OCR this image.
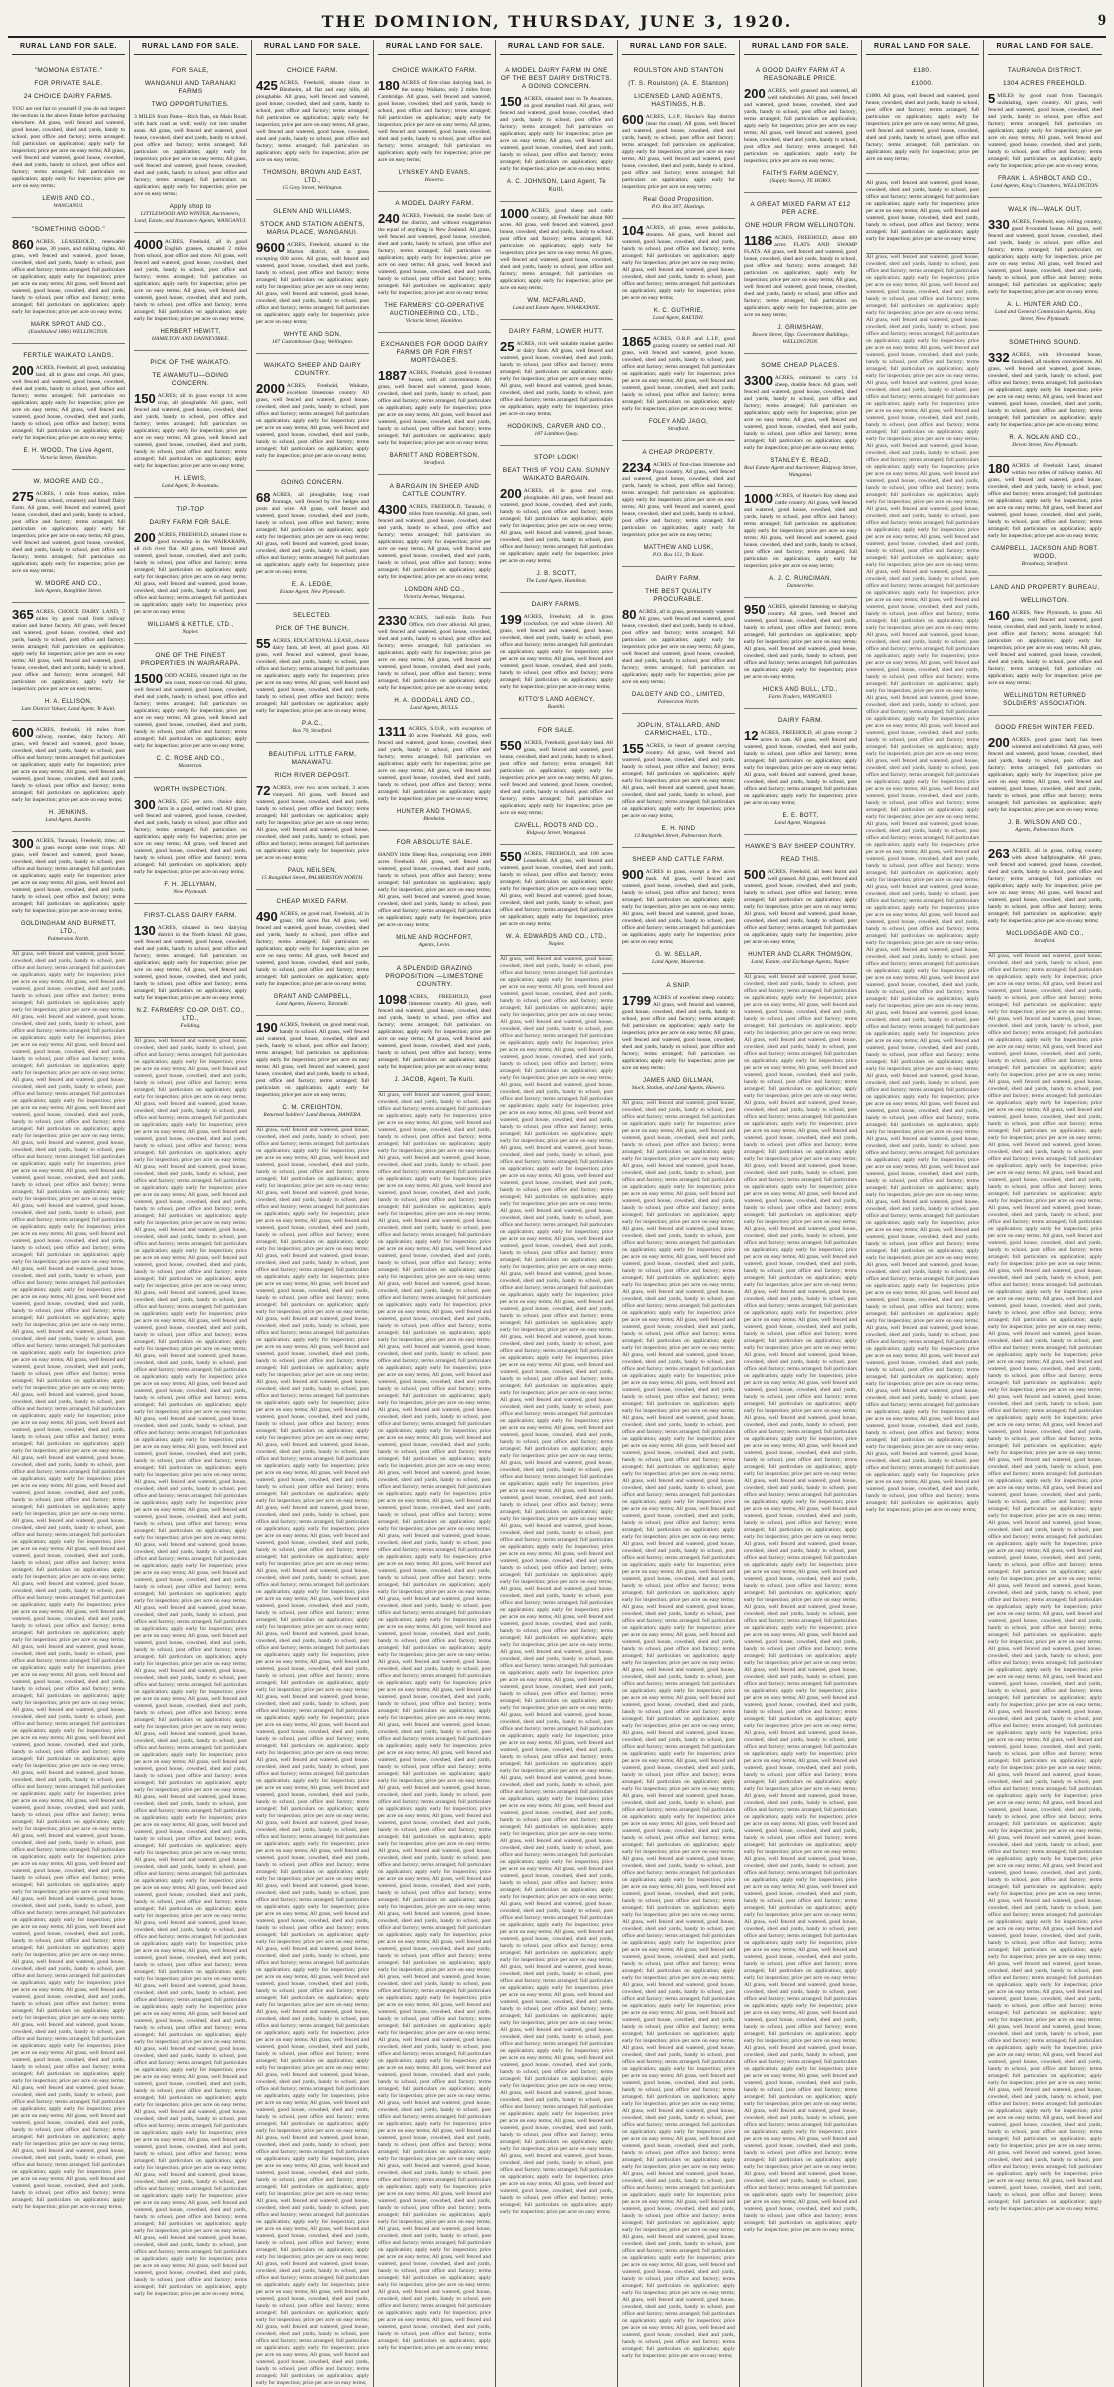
THE DOMINION, THURSDAY, JUNE 3, 1920.	9
RURAL LAND FOR SALE.
"MOMONA ESTATE."
FOR PRIVATE SALE.
24 CHOICE DAIRY FARMS.
YOU are not fair to yourself if you do not inspect the sections in the above Estate before purchasing elsewhere. All grass, well fenced and watered, good house, cowshed, shed and yards, handy to school, post office and factory; terms arranged; full particulars on application; apply early for inspection; price per acre on easy terms; All grass, well fenced and watered, good house, cowshed, shed and yards, handy to school, post office and factory; terms arranged; full particulars on application; apply early for inspection; price per acre on easy terms;
LEWIS AND CO.,
WANGANUI.
"SOMETHING GOOD."
860 ACRES, LEASEHOLD, renewable lease, 30 years, and milking rights. All grass, well fenced and watered, good house, cowshed, shed and yards, handy to school, post office and factory; terms arranged; full particulars on application; apply early for inspection; price per acre on easy terms; All grass, well fenced and watered, good house, cowshed, shed and yards, handy to school, post office and factory; terms arranged; full particulars on application; apply early for inspection; price per acre on easy terms;
MARK SPROT AND CO.,
(Established 1866) WELLINGTON.
FERTILE WAIKATO LANDS.
200 ACRES, Freehold, all good, undulating land, all in grass and crops. All grass, well fenced and watered, good house, cowshed, shed and yards, handy to school, post office and factory; terms arranged; full particulars on application; apply early for inspection; price per acre on easy terms; All grass, well fenced and watered, good house, cowshed, shed and yards, handy to school, post office and factory; terms arranged; full particulars on application; apply early for inspection; price per acre on easy terms;
E. H. WOOD, The Live Agent,
Victoria Street, Hamilton.
W. MOORE AND CO.,
275 ACRES, 1 mile from station, miles from school, creamery and Small Dairy Farm. All grass, well fenced and watered, good house, cowshed, shed and yards, handy to school, post office and factory; terms arranged; full particulars on application; apply early for inspection; price per acre on easy terms; All grass, well fenced and watered, good house, cowshed, shed and yards, handy to school, post office and factory; terms arranged; full particulars on application; apply early for inspection; price per acre on easy terms;
W. MOORE AND CO.,
Sole Agents, Rangitikei Street.
365 ACRES, CHOICE DAIRY LAND, 7 miles by good road from railway station and butter factory. All grass, well fenced and watered, good house, cowshed, shed and yards, handy to school, post office and factory; terms arranged; full particulars on application; apply early for inspection; price per acre on easy terms; All grass, well fenced and watered, good house, cowshed, shed and yards, handy to school, post office and factory; terms arranged; full particulars on application; apply early for inspection; price per acre on easy terms;
H. A. ELLISON,
Late District Valuer, Land Agent, Te Kuiti.
600 ACRES, freehold, 10 miles from railway, number, dairy factory. All grass, well fenced and watered, good house, cowshed, shed and yards, handy to school, post office and factory; terms arranged; full particulars on application; apply early for inspection; price per acre on easy terms; All grass, well fenced and watered, good house, cowshed, shed and yards, handy to school, post office and factory; terms arranged; full particulars on application; apply early for inspection; price per acre on easy terms;
H. JENKINS,
Land Agent, Raetihi.
300 ACRES, Taranaki, Freehold, titles; all in grass except some root crops. All grass, well fenced and watered, good house, cowshed, shed and yards, handy to school, post office and factory; terms arranged; full particulars on application; apply early for inspection; price per acre on easy terms; All grass, well fenced and watered, good house, cowshed, shed and yards, handy to school, post office and factory; terms arranged; full particulars on application; apply early for inspection; price per acre on easy terms;
GOLDINGHAM AND BURNETT, LTD.,
Palmerston North.
All grass, well fenced and watered, good house, cowshed, shed and yards, handy to school, post office and factory; terms arranged; full particulars on application; apply early for inspection; price per acre on easy terms; All grass, well fenced and watered, good house, cowshed, shed and yards, handy to school, post office and factory; terms arranged; full particulars on application; apply early for inspection; price per acre on easy terms; All grass, well fenced and watered, good house, cowshed, shed and yards, handy to school, post office and factory; terms arranged; full particulars on application; apply early for inspection; price per acre on easy terms; All grass, well fenced and watered, good house, cowshed, shed and yards, handy to school, post office and factory; terms arranged; full particulars on application; apply early for inspection; price per acre on easy terms; All grass, well fenced and watered, good house, cowshed, shed and yards, handy to school, post office and factory; terms arranged; full particulars on application; apply early for inspection; price per acre on easy terms; All grass, well fenced and watered, good house, cowshed, shed and yards, handy to school, post office and factory; terms arranged; full particulars on application; apply early for inspection; price per acre on easy terms; All grass, well fenced and watered, good house, cowshed, shed and yards, handy to school, post office and factory; terms arranged; full particulars on application; apply early for inspection; price per acre on easy terms; All grass, well fenced and watered, good house, cowshed, shed and yards, handy to school, post office and factory; terms arranged; full particulars on application; apply early for inspection; price per acre on easy terms; All grass, well fenced and watered, good house, cowshed, shed and yards, handy to school, post office and factory; terms arranged; full particulars on application; apply early for inspection; price per acre on easy terms; All grass, well fenced and watered, good house, cowshed, shed and yards, handy to school, post office and factory; terms arranged; full particulars on application; apply early for inspection; price per acre on easy terms; All grass, well fenced and watered, good house, cowshed, shed and yards, handy to school, post office and factory; terms arranged; full particulars on application; apply early for inspection; price per acre on easy terms; All grass, well fenced and watered, good house, cowshed, shed and yards, handy to school, post office and factory; terms arranged; full particulars on application; apply early for inspection; price per acre on easy terms; All grass, well fenced and watered, good house, cowshed, shed and yards, handy to school, post office and factory; terms arranged; full particulars on application; apply early for inspection; price per acre on easy terms; All grass, well fenced and watered, good house, cowshed, shed and yards, handy to school, post office and factory; terms arranged; full particulars on application; apply early for inspection; price per acre on easy terms; All grass, well fenced and watered, good house, cowshed, shed and yards, handy to school, post office and factory; terms arranged; full particulars on application; apply early for inspection; price per acre on easy terms; All grass, well fenced and watered, good house, cowshed, shed and yards, handy to school, post office and factory; terms arranged; full particulars on application; apply early for inspection; price per acre on easy terms; All grass, well fenced and watered, good house, cowshed, shed and yards, handy to school, post office and factory; terms arranged; full particulars on application; apply early for inspection; price per acre on easy terms; All grass, well fenced and watered, good house, cowshed, shed and yards, handy to school, post office and factory; terms arranged; full particulars on application; apply early for inspection; price per acre on easy terms; All grass, well fenced and watered, good house, cowshed, shed and yards, handy to school, post office and factory; terms arranged; full particulars on application; apply early for inspection; price per acre on easy terms; All grass, well fenced and watered, good house, cowshed, shed and yards, handy to school, post office and factory; terms arranged; full particulars on application; apply early for inspection; price per acre on easy terms; All grass, well fenced and watered, good house, cowshed, shed and yards, handy to school, post office and factory; terms arranged; full particulars on application; apply early for inspection; price per acre on easy terms; All grass, well fenced and watered, good house, cowshed, shed and yards, handy to school, post office and factory; terms arranged; full particulars on application; apply early for inspection; price per acre on easy terms; All grass, well fenced and watered, good house, cowshed, shed and yards, handy to school, post office and factory; terms arranged; full particulars on application; apply early for inspection; price per acre on easy terms; All grass, well fenced and watered, good house, cowshed, shed and yards, handy to school, post office and factory; terms arranged; full particulars on application; apply early for inspection; price per acre on easy terms; All grass, well fenced and watered, good house, cowshed, shed and yards, handy to school, post office and factory; terms arranged; full particulars on application; apply early for inspection; price per acre on easy terms; All grass, well fenced and watered, good house, cowshed, shed and yards, handy to school, post office and factory; terms arranged; full particulars on application; apply early for inspection; price per acre on easy terms; All grass, well fenced and watered, good house, cowshed, shed and yards, handy to school, post office and factory; terms arranged; full particulars on application; apply early for inspection; price per acre on easy terms; All grass, well fenced and watered, good house, cowshed, shed and yards, handy to school, post office and factory; terms arranged; full particulars on application; apply early for inspection; price per acre on easy terms; All grass, well fenced and watered, good house, cowshed, shed and yards, handy to school, post office and factory; terms arranged; full particulars on application; apply early for inspection; price per acre on easy terms; All grass, well fenced and watered, good house, cowshed, shed and yards, handy to school, post office and factory; terms arranged; full particulars on application; apply early for inspection; price per acre on easy terms; All grass, well fenced and watered, good house, cowshed, shed and yards, handy to school, post office and factory; terms arranged; full particulars on application; apply early for inspection; price per acre on easy terms; All grass, well fenced and watered, good house, cowshed, shed and yards, handy to school, post office and factory; terms arranged; full particulars on application; apply early for inspection; price per acre on easy terms; All grass, well fenced and watered, good house, cowshed, shed and yards, handy to school, post office and factory; terms arranged; full particulars on application; apply early for inspection; price per acre on easy terms; All grass, well fenced and watered, good house, cowshed, shed and yards, handy to school, post office and factory; terms arranged; full particulars on application; apply early for inspection; price per acre on easy terms; All grass, well fenced and watered, good house, cowshed, shed and yards, handy to school, post office and factory; terms arranged; full particulars on application; apply early for inspection; price per acre on easy terms; All grass, well fenced and watered, good house, cowshed, shed and yards, handy to school, post office and factory; terms arranged; full particulars on application; apply early for inspection; price per acre on easy terms; All grass, well fenced and watered, good house, cowshed, shed and yards, handy to school, post office and factory; terms arranged; full particulars on application; apply early for inspection; price per acre on easy terms; All grass, well fenced and watered, good house, cowshed, shed and yards, handy to school, post office and factory; terms arranged; full particulars on application; apply early for inspection; price per acre on easy terms; All grass, well fenced and watered, good house, cowshed, shed and yards, handy to school, post office and factory; terms arranged; full particulars on application; apply early for inspection; price per acre on easy terms; All grass, well fenced and watered, good house, cowshed, shed and yards, handy to school, post office and factory; terms arranged; full particulars on application; apply early for inspection; price per acre on easy terms;
RURAL LAND FOR SALE.
FOR SALE,
WANGANUI AND TARANAKI FARMS
TWO OPPORTUNITIES.
3 MILES from Patea—Rich flats, on Main Road, with back road as well; easily cut into smaller areas. All grass, well fenced and watered, good house, cowshed, shed and yards, handy to school, post office and factory; terms arranged; full particulars on application; apply early for inspection; price per acre on easy terms; All grass, well fenced and watered, good house, cowshed, shed and yards, handy to school, post office and factory; terms arranged; full particulars on application; apply early for inspection; price per acre on easy terms;
Apply shop to
LITTLEWOOD AND WINTER, Auctioneers, Land, Estate, and Insurance Agents, WANGANUI.
4000 ACRES, Freehold, all in good English grasses, situated 2 miles from school, post office and store. All grass, well fenced and watered, good house, cowshed, shed and yards, handy to school, post office and factory; terms arranged; full particulars on application; apply early for inspection; price per acre on easy terms; All grass, well fenced and watered, good house, cowshed, shed and yards, handy to school, post office and factory; terms arranged; full particulars on application; apply early for inspection; price per acre on easy terms;
HERBERT HEWITT,
HAMILTON AND DANNEVIRKE.
PICK OF THE WAIKATO.
TE AWAMUTU—GOING CONCERN.
150 ACRES; all in grass except 14 acres crop, all ploughable. All grass, well fenced and watered, good house, cowshed, shed and yards, handy to school, post office and factory; terms arranged; full particulars on application; apply early for inspection; price per acre on easy terms; All grass, well fenced and watered, good house, cowshed, shed and yards, handy to school, post office and factory; terms arranged; full particulars on application; apply early for inspection; price per acre on easy terms;
H. LEWIS,
Land Agent, Te Awamutu.
TIP-TOP
DAIRY FARM FOR SALE.
200 ACRES, FREEHOLD, situated close to good township in the WAIRARAPA, all rich river flat. All grass, well fenced and watered, good house, cowshed, shed and yards, handy to school, post office and factory; terms arranged; full particulars on application; apply early for inspection; price per acre on easy terms; All grass, well fenced and watered, good house, cowshed, shed and yards, handy to school, post office and factory; terms arranged; full particulars on application; apply early for inspection; price per acre on easy terms;
WILLIAMS & KETTLE, LTD.,
Napier.
ONE OF THE FINEST PROPERTIES IN WAIRARAPA.
1500 ODD ACRES, situated right on the sea coast, motor-car road. All grass, well fenced and watered, good house, cowshed, shed and yards, handy to school, post office and factory; terms arranged; full particulars on application; apply early for inspection; price per acre on easy terms; All grass, well fenced and watered, good house, cowshed, shed and yards, handy to school, post office and factory; terms arranged; full particulars on application; apply early for inspection; price per acre on easy terms;
C. C. ROSE AND CO.,
Masterton.
WORTH INSPECTION.
300 ACRES, £25 per acre, choice dairy farm in a good, settled road. All grass, well fenced and watered, good house, cowshed, shed and yards, handy to school, post office and factory; terms arranged; full particulars on application; apply early for inspection; price per acre on easy terms; All grass, well fenced and watered, good house, cowshed, shed and yards, handy to school, post office and factory; terms arranged; full particulars on application; apply early for inspection; price per acre on easy terms;
F. H. JELLYMAN,
New Plymouth.
FIRST-CLASS DAIRY FARM.
130 ACRES, situated in best dairying district in the North Island. All grass, well fenced and watered, good house, cowshed, shed and yards, handy to school, post office and factory; terms arranged; full particulars on application; apply early for inspection; price per acre on easy terms; All grass, well fenced and watered, good house, cowshed, shed and yards, handy to school, post office and factory; terms arranged; full particulars on application; apply early for inspection; price per acre on easy terms;
N.Z. FARMERS' CO-OP. DIST. CO., LTD.,
Feilding.
All grass, well fenced and watered, good house, cowshed, shed and yards, handy to school, post office and factory; terms arranged; full particulars on application; apply early for inspection; price per acre on easy terms; All grass, well fenced and watered, good house, cowshed, shed and yards, handy to school, post office and factory; terms arranged; full particulars on application; apply early for inspection; price per acre on easy terms; All grass, well fenced and watered, good house, cowshed, shed and yards, handy to school, post office and factory; terms arranged; full particulars on application; apply early for inspection; price per acre on easy terms; All grass, well fenced and watered, good house, cowshed, shed and yards, handy to school, post office and factory; terms arranged; full particulars on application; apply early for inspection; price per acre on easy terms; All grass, well fenced and watered, good house, cowshed, shed and yards, handy to school, post office and factory; terms arranged; full particulars on application; apply early for inspection; price per acre on easy terms; All grass, well fenced and watered, good house, cowshed, shed and yards, handy to school, post office and factory; terms arranged; full particulars on application; apply early for inspection; price per acre on easy terms; All grass, well fenced and watered, good house, cowshed, shed and yards, handy to school, post office and factory; terms arranged; full particulars on application; apply early for inspection; price per acre on easy terms; All grass, well fenced and watered, good house, cowshed, shed and yards, handy to school, post office and factory; terms arranged; full particulars on application; apply early for inspection; price per acre on easy terms; All grass, well fenced and watered, good house, cowshed, shed and yards, handy to school, post office and factory; terms arranged; full particulars on application; apply early for inspection; price per acre on easy terms; All grass, well fenced and watered, good house, cowshed, shed and yards, handy to school, post office and factory; terms arranged; full particulars on application; apply early for inspection; price per acre on easy terms; All grass, well fenced and watered, good house, cowshed, shed and yards, handy to school, post office and factory; terms arranged; full particulars on application; apply early for inspection; price per acre on easy terms; All grass, well fenced and watered, good house, cowshed, shed and yards, handy to school, post office and factory; terms arranged; full particulars on application; apply early for inspection; price per acre on easy terms; All grass, well fenced and watered, good house, cowshed, shed and yards, handy to school, post office and factory; terms arranged; full particulars on application; apply early for inspection; price per acre on easy terms; All grass, well fenced and watered, good house, cowshed, shed and yards, handy to school, post office and factory; terms arranged; full particulars on application; apply early for inspection; price per acre on easy terms; All grass, well fenced and watered, good house, cowshed, shed and yards, handy to school, post office and factory; terms arranged; full particulars on application; apply early for inspection; price per acre on easy terms; All grass, well fenced and watered, good house, cowshed, shed and yards, handy to school, post office and factory; terms arranged; full particulars on application; apply early for inspection; price per acre on easy terms; All grass, well fenced and watered, good house, cowshed, shed and yards, handy to school, post office and factory; terms arranged; full particulars on application; apply early for inspection; price per acre on easy terms; All grass, well fenced and watered, good house, cowshed, shed and yards, handy to school, post office and factory; terms arranged; full particulars on application; apply early for inspection; price per acre on easy terms; All grass, well fenced and watered, good house, cowshed, shed and yards, handy to school, post office and factory; terms arranged; full particulars on application; apply early for inspection; price per acre on easy terms; All grass, well fenced and watered, good house, cowshed, shed and yards, handy to school, post office and factory; terms arranged; full particulars on application; apply early for inspection; price per acre on easy terms; All grass, well fenced and watered, good house, cowshed, shed and yards, handy to school, post office and factory; terms arranged; full particulars on application; apply early for inspection; price per acre on easy terms; All grass, well fenced and watered, good house, cowshed, shed and yards, handy to school, post office and factory; terms arranged; full particulars on application; apply early for inspection; price per acre on easy terms; All grass, well fenced and watered, good house, cowshed, shed and yards, handy to school, post office and factory; terms arranged; full particulars on application; apply early for inspection; price per acre on easy terms; All grass, well fenced and watered, good house, cowshed, shed and yards, handy to school, post office and factory; terms arranged; full particulars on application; apply early for inspection; price per acre on easy terms; All grass, well fenced and watered, good house, cowshed, shed and yards, handy to school, post office and factory; terms arranged; full particulars on application; apply early for inspection; price per acre on easy terms; All grass, well fenced and watered, good house, cowshed, shed and yards, handy to school, post office and factory; terms arranged; full particulars on application; apply early for inspection; price per acre on easy terms; All grass, well fenced and watered, good house, cowshed, shed and yards, handy to school, post office and factory; terms arranged; full particulars on application; apply early for inspection; price per acre on easy terms; All grass, well fenced and watered, good house, cowshed, shed and yards, handy to school, post office and factory; terms arranged; full particulars on application; apply early for inspection; price per acre on easy terms; All grass, well fenced and watered, good house, cowshed, shed and yards, handy to school, post office and factory; terms arranged; full particulars on application; apply early for inspection; price per acre on easy terms; All grass, well fenced and watered, good house, cowshed, shed and yards, handy to school, post office and factory; terms arranged; full particulars on application; apply early for inspection; price per acre on easy terms; All grass, well fenced and watered, good house, cowshed, shed and yards, handy to school, post office and factory; terms arranged; full particulars on application; apply early for inspection; price per acre on easy terms; All grass, well fenced and watered, good house, cowshed, shed and yards, handy to school, post office and factory; terms arranged; full particulars on application; apply early for inspection; price per acre on easy terms; All grass, well fenced and watered, good house, cowshed, shed and yards, handy to school, post office and factory; terms arranged; full particulars on application; apply early for inspection; price per acre on easy terms; All grass, well fenced and watered, good house, cowshed, shed and yards, handy to school, post office and factory; terms arranged; full particulars on application; apply early for inspection; price per acre on easy terms; All grass, well fenced and watered, good house, cowshed, shed and yards, handy to school, post office and factory; terms arranged; full particulars on application; apply early for inspection; price per acre on easy terms; All grass, well fenced and watered, good house, cowshed, shed and yards, handy to school, post office and factory; terms arranged; full particulars on application; apply early for inspection; price per acre on easy terms; All grass, well fenced and watered, good house, cowshed, shed and yards, handy to school, post office and factory; terms arranged; full particulars on application; apply early for inspection; price per acre on easy terms; All grass, well fenced and watered, good house, cowshed, shed and yards, handy to school, post office and factory; terms arranged; full particulars on application; apply early for inspection; price per acre on easy terms; All grass, well fenced and watered, good house, cowshed, shed and yards, handy to school, post office and factory; terms arranged; full particulars on application; apply early for inspection; price per acre on easy terms; All grass, well fenced and watered, good house, cowshed, shed and yards, handy to school, post office and factory; terms arranged; full particulars on application; apply early for inspection; price per acre on easy terms;
RURAL LAND FOR SALE.
CHOICE FARM.
425 ACRES, Freehold, situate close to Blenheim, all flat and easy hills, all ploughable. All grass, well fenced and watered, good house, cowshed, shed and yards, handy to school, post office and factory; terms arranged; full particulars on application; apply early for inspection; price per acre on easy terms; All grass, well fenced and watered, good house, cowshed, shed and yards, handy to school, post office and factory; terms arranged; full particulars on application; apply early for inspection; price per acre on easy terms;
THOMSON, BROWN AND EAST, LTD.,
15 Grey Street, Wellington.
GLENN AND WILLIAMS,
STOCK AND STATION AGENTS, MARIA PLACE, WANGANUI.
9600 ACRES, Freehold, situated in the Marton district, all in grass excepting 600 acres. All grass, well fenced and watered, good house, cowshed, shed and yards, handy to school, post office and factory; terms arranged; full particulars on application; apply early for inspection; price per acre on easy terms; All grass, well fenced and watered, good house, cowshed, shed and yards, handy to school, post office and factory; terms arranged; full particulars on application; apply early for inspection; price per acre on easy terms;
WHYTE AND SON,
167 Customhouse Quay, Wellington.
WAIKATO SHEEP AND DAIRY COUNTRY.
2000 ACRES, Freehold, Waikato, excellent limestone country. All grass, well fenced and watered, good house, cowshed, shed and yards, handy to school, post office and factory; terms arranged; full particulars on application; apply early for inspection; price per acre on easy terms; All grass, well fenced and watered, good house, cowshed, shed and yards, handy to school, post office and factory; terms arranged; full particulars on application; apply early for inspection; price per acre on easy terms;
GOING CONCERN.
68 ACRES, all ploughable, long road frontage, well fenced by live hedges and posts and wire. All grass, well fenced and watered, good house, cowshed, shed and yards, handy to school, post office and factory; terms arranged; full particulars on application; apply early for inspection; price per acre on easy terms; All grass, well fenced and watered, good house, cowshed, shed and yards, handy to school, post office and factory; terms arranged; full particulars on application; apply early for inspection; price per acre on easy terms;
E. A. LEDGE,
Estate Agent, New Plymouth.
SELECTED.
PICK OF THE BUNCH.
55 ACRES, EDUCATIONAL LEASE, choice dairy farm, all level, all good grass. All grass, well fenced and watered, good house, cowshed, shed and yards, handy to school, post office and factory; terms arranged; full particulars on application; apply early for inspection; price per acre on easy terms; All grass, well fenced and watered, good house, cowshed, shed and yards, handy to school, post office and factory; terms arranged; full particulars on application; apply early for inspection; price per acre on easy terms;
P.A.C.,
Box 70, Stratford.
BEAUTIFUL LITTLE FARM, MANAWATU.
RICH RIVER DEPOSIT.
72 ACRES, over two acres orchard, 3 acres vineyard. All grass, well fenced and watered, good house, cowshed, shed and yards, handy to school, post office and factory; terms arranged; full particulars on application; apply early for inspection; price per acre on easy terms; All grass, well fenced and watered, good house, cowshed, shed and yards, handy to school, post office and factory; terms arranged; full particulars on application; apply early for inspection; price per acre on easy terms;
PAUL NEILSEN,
15 Rangitikei Street, PALMERSTON NORTH.
CHEAP MIXED FARM.
490 ACRES, on good road, Freehold, all in grass; 160 acres flat. All grass, well fenced and watered, good house, cowshed, shed and yards, handy to school, post office and factory; terms arranged; full particulars on application; apply early for inspection; price per acre on easy terms; All grass, well fenced and watered, good house, cowshed, shed and yards, handy to school, post office and factory; terms arranged; full particulars on application; apply early for inspection; price per acre on easy terms;
GRANT AND CAMPBELL,
Land Agents, Hawera, Taranaki.
190 ACRES, freehold, on good metal road, handy to school. All grass, well fenced and watered, good house, cowshed, shed and yards, handy to school, post office and factory; terms arranged; full particulars on application; apply early for inspection; price per acre on easy terms; All grass, well fenced and watered, good house, cowshed, shed and yards, handy to school, post office and factory; terms arranged; full particulars on application; apply early for inspection; price per acre on easy terms;
C. M. CREIGHTON,
Returned Soldiers' Land Bureau, HAWERA.
All grass, well fenced and watered, good house, cowshed, shed and yards, handy to school, post office and factory; terms arranged; full particulars on application; apply early for inspection; price per acre on easy terms; All grass, well fenced and watered, good house, cowshed, shed and yards, handy to school, post office and factory; terms arranged; full particulars on application; apply early for inspection; price per acre on easy terms; All grass, well fenced and watered, good house, cowshed, shed and yards, handy to school, post office and factory; terms arranged; full particulars on application; apply early for inspection; price per acre on easy terms; All grass, well fenced and watered, good house, cowshed, shed and yards, handy to school, post office and factory; terms arranged; full particulars on application; apply early for inspection; price per acre on easy terms; All grass, well fenced and watered, good house, cowshed, shed and yards, handy to school, post office and factory; terms arranged; full particulars on application; apply early for inspection; price per acre on easy terms; All grass, well fenced and watered, good house, cowshed, shed and yards, handy to school, post office and factory; terms arranged; full particulars on application; apply early for inspection; price per acre on easy terms; All grass, well fenced and watered, good house, cowshed, shed and yards, handy to school, post office and factory; terms arranged; full particulars on application; apply early for inspection; price per acre on easy terms; All grass, well fenced and watered, good house, cowshed, shed and yards, handy to school, post office and factory; terms arranged; full particulars on application; apply early for inspection; price per acre on easy terms; All grass, well fenced and watered, good house, cowshed, shed and yards, handy to school, post office and factory; terms arranged; full particulars on application; apply early for inspection; price per acre on easy terms; All grass, well fenced and watered, good house, cowshed, shed and yards, handy to school, post office and factory; terms arranged; full particulars on application; apply early for inspection; price per acre on easy terms; All grass, well fenced and watered, good house, cowshed, shed and yards, handy to school, post office and factory; terms arranged; full particulars on application; apply early for inspection; price per acre on easy terms; All grass, well fenced and watered, good house, cowshed, shed and yards, handy to school, post office and factory; terms arranged; full particulars on application; apply early for inspection; price per acre on easy terms; All grass, well fenced and watered, good house, cowshed, shed and yards, handy to school, post office and factory; terms arranged; full particulars on application; apply early for inspection; price per acre on easy terms; All grass, well fenced and watered, good house, cowshed, shed and yards, handy to school, post office and factory; terms arranged; full particulars on application; apply early for inspection; price per acre on easy terms; All grass, well fenced and watered, good house, cowshed, shed and yards, handy to school, post office and factory; terms arranged; full particulars on application; apply early for inspection; price per acre on easy terms; All grass, well fenced and watered, good house, cowshed, shed and yards, handy to school, post office and factory; terms arranged; full particulars on application; apply early for inspection; price per acre on easy terms; All grass, well fenced and watered, good house, cowshed, shed and yards, handy to school, post office and factory; terms arranged; full particulars on application; apply early for inspection; price per acre on easy terms; All grass, well fenced and watered, good house, cowshed, shed and yards, handy to school, post office and factory; terms arranged; full particulars on application; apply early for inspection; price per acre on easy terms; All grass, well fenced and watered, good house, cowshed, shed and yards, handy to school, post office and factory; terms arranged; full particulars on application; apply early for inspection; price per acre on easy terms; All grass, well fenced and watered, good house, cowshed, shed and yards, handy to school, post office and factory; terms arranged; full particulars on application; apply early for inspection; price per acre on easy terms; All grass, well fenced and watered, good house, cowshed, shed and yards, handy to school, post office and factory; terms arranged; full particulars on application; apply early for inspection; price per acre on easy terms; All grass, well fenced and watered, good house, cowshed, shed and yards, handy to school, post office and factory; terms arranged; full particulars on application; apply early for inspection; price per acre on easy terms; All grass, well fenced and watered, good house, cowshed, shed and yards, handy to school, post office and factory; terms arranged; full particulars on application; apply early for inspection; price per acre on easy terms; All grass, well fenced and watered, good house, cowshed, shed and yards, handy to school, post office and factory; terms arranged; full particulars on application; apply early for inspection; price per acre on easy terms; All grass, well fenced and watered, good house, cowshed, shed and yards, handy to school, post office and factory; terms arranged; full particulars on application; apply early for inspection; price per acre on easy terms; All grass, well fenced and watered, good house, cowshed, shed and yards, handy to school, post office and factory; terms arranged; full particulars on application; apply early for inspection; price per acre on easy terms; All grass, well fenced and watered, good house, cowshed, shed and yards, handy to school, post office and factory; terms arranged; full particulars on application; apply early for inspection; price per acre on easy terms; All grass, well fenced and watered, good house, cowshed, shed and yards, handy to school, post office and factory; terms arranged; full particulars on application; apply early for inspection; price per acre on easy terms; All grass, well fenced and watered, good house, cowshed, shed and yards, handy to school, post office and factory; terms arranged; full particulars on application; apply early for inspection; price per acre on easy terms; All grass, well fenced and watered, good house, cowshed, shed and yards, handy to school, post office and factory; terms arranged; full particulars on application; apply early for inspection; price per acre on easy terms; All grass, well fenced and watered, good house, cowshed, shed and yards, handy to school, post office and factory; terms arranged; full particulars on application; apply early for inspection; price per acre on easy terms; All grass, well fenced and watered, good house, cowshed, shed and yards, handy to school, post office and factory; terms arranged; full particulars on application; apply early for inspection; price per acre on easy terms; All grass, well fenced and watered, good house, cowshed, shed and yards, handy to school, post office and factory; terms arranged; full particulars on application; apply early for inspection; price per acre on easy terms; All grass, well fenced and watered, good house, cowshed, shed and yards, handy to school, post office and factory; terms arranged; full particulars on application; apply early for inspection; price per acre on easy terms; All grass, well fenced and watered, good house, cowshed, shed and yards, handy to school, post office and factory; terms arranged; full particulars on application; apply early for inspection; price per acre on easy terms; All grass, well fenced and watered, good house, cowshed, shed and yards, handy to school, post office and factory; terms arranged; full particulars on application; apply early for inspection; price per acre on easy terms; All grass, well fenced and watered, good house, cowshed, shed and yards, handy to school, post office and factory; terms arranged; full particulars on application; apply early for inspection; price per acre on easy terms; All grass, well fenced and watered, good house, cowshed, shed and yards, handy to school, post office and factory; terms arranged; full particulars on application; apply early for inspection; price per acre on easy terms; All grass, well fenced and watered, good house, cowshed, shed and yards, handy to school, post office and factory; terms arranged; full particulars on application; apply early for inspection; price per acre on easy terms; All grass, well fenced and watered, good house, cowshed, shed and yards, handy to school, post office and factory; terms arranged; full particulars on application; apply early for inspection; price per acre on easy terms;
RURAL LAND FOR SALE.
CHOICE WAIKATO FARM.
180 ACRES of first-class dairying land, in the sunny Waikato, only 2 miles from Cambridge. All grass, well fenced and watered, good house, cowshed, shed and yards, handy to school, post office and factory; terms arranged; full particulars on application; apply early for inspection; price per acre on easy terms; All grass, well fenced and watered, good house, cowshed, shed and yards, handy to school, post office and factory; terms arranged; full particulars on application; apply early for inspection; price per acre on easy terms;
LYNSKEY AND EVANS,
Hawera.
A MODEL DAIRY FARM.
240 ACRES, Freehold, the model farm of the district, and without exaggeration the equal of anything in New Zealand. All grass, well fenced and watered, good house, cowshed, shed and yards, handy to school, post office and factory; terms arranged; full particulars on application; apply early for inspection; price per acre on easy terms; All grass, well fenced and watered, good house, cowshed, shed and yards, handy to school, post office and factory; terms arranged; full particulars on application; apply early for inspection; price per acre on easy terms;
THE FARMERS' CO-OPERATIVE AUCTIONEERING CO., LTD.,
Victoria Street, Hamilton.
EXCHANGES FOR GOOD DAIRY FARMS OR FOR FIRST MORTGAGES.
1887 ACRES, Freehold; good 6-roomed house, with all conveniences. All grass, well fenced and watered, good house, cowshed, shed and yards, handy to school, post office and factory; terms arranged; full particulars on application; apply early for inspection; price per acre on easy terms; All grass, well fenced and watered, good house, cowshed, shed and yards, handy to school, post office and factory; terms arranged; full particulars on application; apply early for inspection; price per acre on easy terms;
BARNITT AND ROBERTSON,
Stratford.
A BARGAIN IN SHEEP AND CATTLE COUNTRY.
4300 ACRES, FREEHOLD, Taranaki, 6 miles from township. All grass, well fenced and watered, good house, cowshed, shed and yards, handy to school, post office and factory; terms arranged; full particulars on application; apply early for inspection; price per acre on easy terms; All grass, well fenced and watered, good house, cowshed, shed and yards, handy to school, post office and factory; terms arranged; full particulars on application; apply early for inspection; price per acre on easy terms;
LONDON AND CO.,
Victoria Avenue, Wanganui.
2330 ACRES, half-mile Rolls Post Office, rich river alluvial. All grass, well fenced and watered, good house, cowshed, shed and yards, handy to school, post office and factory; terms arranged; full particulars on application; apply early for inspection; price per acre on easy terms; All grass, well fenced and watered, good house, cowshed, shed and yards, handy to school, post office and factory; terms arranged; full particulars on application; apply early for inspection; price per acre on easy terms;
H. A. GOODALL AND CO.,
Land Agents, BULLS.
1311 ACRES, S.O.R., with exception of 40 acres Freehold. All grass, well fenced and watered, good house, cowshed, shed and yards, handy to school, post office and factory; terms arranged; full particulars on application; apply early for inspection; price per acre on easy terms; All grass, well fenced and watered, good house, cowshed, shed and yards, handy to school, post office and factory; terms arranged; full particulars on application; apply early for inspection; price per acre on easy terms;
HUNTER AND THOMAS,
Blenheim.
FOR ABSOLUTE SALE.
HANDY little Sheep Run, comprising over 2000 acres Freehold. All grass, well fenced and watered, good house, cowshed, shed and yards, handy to school, post office and factory; terms arranged; full particulars on application; apply early for inspection; price per acre on easy terms; All grass, well fenced and watered, good house, cowshed, shed and yards, handy to school, post office and factory; terms arranged; full particulars on application; apply early for inspection; price per acre on easy terms;
MILNE AND ROCHFORT,
Agents, Levin.
A SPLENDID GRAZING PROPOSITION —LIMESTONE COUNTRY.
1098 ACRES, FREEHOLD, good limestone country. All grass, well fenced and watered, good house, cowshed, shed and yards, handy to school, post office and factory; terms arranged; full particulars on application; apply early for inspection; price per acre on easy terms; All grass, well fenced and watered, good house, cowshed, shed and yards, handy to school, post office and factory; terms arranged; full particulars on application; apply early for inspection; price per acre on easy terms;
J. JACOB, Agent, Te Kuiti.
All grass, well fenced and watered, good house, cowshed, shed and yards, handy to school, post office and factory; terms arranged; full particulars on application; apply early for inspection; price per acre on easy terms; All grass, well fenced and watered, good house, cowshed, shed and yards, handy to school, post office and factory; terms arranged; full particulars on application; apply early for inspection; price per acre on easy terms; All grass, well fenced and watered, good house, cowshed, shed and yards, handy to school, post office and factory; terms arranged; full particulars on application; apply early for inspection; price per acre on easy terms; All grass, well fenced and watered, good house, cowshed, shed and yards, handy to school, post office and factory; terms arranged; full particulars on application; apply early for inspection; price per acre on easy terms; All grass, well fenced and watered, good house, cowshed, shed and yards, handy to school, post office and factory; terms arranged; full particulars on application; apply early for inspection; price per acre on easy terms; All grass, well fenced and watered, good house, cowshed, shed and yards, handy to school, post office and factory; terms arranged; full particulars on application; apply early for inspection; price per acre on easy terms; All grass, well fenced and watered, good house, cowshed, shed and yards, handy to school, post office and factory; terms arranged; full particulars on application; apply early for inspection; price per acre on easy terms; All grass, well fenced and watered, good house, cowshed, shed and yards, handy to school, post office and factory; terms arranged; full particulars on application; apply early for inspection; price per acre on easy terms; All grass, well fenced and watered, good house, cowshed, shed and yards, handy to school, post office and factory; terms arranged; full particulars on application; apply early for inspection; price per acre on easy terms; All grass, well fenced and watered, good house, cowshed, shed and yards, handy to school, post office and factory; terms arranged; full particulars on application; apply early for inspection; price per acre on easy terms; All grass, well fenced and watered, good house, cowshed, shed and yards, handy to school, post office and factory; terms arranged; full particulars on application; apply early for inspection; price per acre on easy terms; All grass, well fenced and watered, good house, cowshed, shed and yards, handy to school, post office and factory; terms arranged; full particulars on application; apply early for inspection; price per acre on easy terms; All grass, well fenced and watered, good house, cowshed, shed and yards, handy to school, post office and factory; terms arranged; full particulars on application; apply early for inspection; price per acre on easy terms; All grass, well fenced and watered, good house, cowshed, shed and yards, handy to school, post office and factory; terms arranged; full particulars on application; apply early for inspection; price per acre on easy terms; All grass, well fenced and watered, good house, cowshed, shed and yards, handy to school, post office and factory; terms arranged; full particulars on application; apply early for inspection; price per acre on easy terms; All grass, well fenced and watered, good house, cowshed, shed and yards, handy to school, post office and factory; terms arranged; full particulars on application; apply early for inspection; price per acre on easy terms; All grass, well fenced and watered, good house, cowshed, shed and yards, handy to school, post office and factory; terms arranged; full particulars on application; apply early for inspection; price per acre on easy terms; All grass, well fenced and watered, good house, cowshed, shed and yards, handy to school, post office and factory; terms arranged; full particulars on application; apply early for inspection; price per acre on easy terms; All grass, well fenced and watered, good house, cowshed, shed and yards, handy to school, post office and factory; terms arranged; full particulars on application; apply early for inspection; price per acre on easy terms; All grass, well fenced and watered, good house, cowshed, shed and yards, handy to school, post office and factory; terms arranged; full particulars on application; apply early for inspection; price per acre on easy terms; All grass, well fenced and watered, good house, cowshed, shed and yards, handy to school, post office and factory; terms arranged; full particulars on application; apply early for inspection; price per acre on easy terms; All grass, well fenced and watered, good house, cowshed, shed and yards, handy to school, post office and factory; terms arranged; full particulars on application; apply early for inspection; price per acre on easy terms; All grass, well fenced and watered, good house, cowshed, shed and yards, handy to school, post office and factory; terms arranged; full particulars on application; apply early for inspection; price per acre on easy terms; All grass, well fenced and watered, good house, cowshed, shed and yards, handy to school, post office and factory; terms arranged; full particulars on application; apply early for inspection; price per acre on easy terms; All grass, well fenced and watered, good house, cowshed, shed and yards, handy to school, post office and factory; terms arranged; full particulars on application; apply early for inspection; price per acre on easy terms; All grass, well fenced and watered, good house, cowshed, shed and yards, handy to school, post office and factory; terms arranged; full particulars on application; apply early for inspection; price per acre on easy terms; All grass, well fenced and watered, good house, cowshed, shed and yards, handy to school, post office and factory; terms arranged; full particulars on application; apply early for inspection; price per acre on easy terms; All grass, well fenced and watered, good house, cowshed, shed and yards, handy to school, post office and factory; terms arranged; full particulars on application; apply early for inspection; price per acre on easy terms; All grass, well fenced and watered, good house, cowshed, shed and yards, handy to school, post office and factory; terms arranged; full particulars on application; apply early for inspection; price per acre on easy terms; All grass, well fenced and watered, good house, cowshed, shed and yards, handy to school, post office and factory; terms arranged; full particulars on application; apply early for inspection; price per acre on easy terms; All grass, well fenced and watered, good house, cowshed, shed and yards, handy to school, post office and factory; terms arranged; full particulars on application; apply early for inspection; price per acre on easy terms; All grass, well fenced and watered, good house, cowshed, shed and yards, handy to school, post office and factory; terms arranged; full particulars on application; apply early for inspection; price per acre on easy terms; All grass, well fenced and watered, good house, cowshed, shed and yards, handy to school, post office and factory; terms arranged; full particulars on application; apply early for inspection; price per acre on easy terms; All grass, well fenced and watered, good house, cowshed, shed and yards, handy to school, post office and factory; terms arranged; full particulars on application; apply early for inspection; price per acre on easy terms; All grass, well fenced and watered, good house, cowshed, shed and yards, handy to school, post office and factory; terms arranged; full particulars on application; apply early for inspection; price per acre on easy terms; All grass, well fenced and watered, good house, cowshed, shed and yards, handy to school, post office and factory; terms arranged; full particulars on application; apply early for inspection; price per acre on easy terms; All grass, well fenced and watered, good house, cowshed, shed and yards, handy to school, post office and factory; terms arranged; full particulars on application; apply early for inspection; price per acre on easy terms; All grass, well fenced and watered, good house, cowshed, shed and yards, handy to school, post office and factory; terms arranged; full particulars on application; apply early for inspection; price per acre on easy terms; All grass, well fenced and watered, good house, cowshed, shed and yards, handy to school, post office and factory; terms arranged; full particulars on application; apply early for inspection; price per acre on easy terms; All grass, well fenced and watered, good house, cowshed, shed and yards, handy to school, post office and factory; terms arranged; full particulars on application; apply early for inspection; price per acre on easy terms;
RURAL LAND FOR SALE.
A MODEL DAIRY FARM IN ONE OF THE BEST DAIRY DISTRICTS. A GOING CONCERN.
150 ACRES, situated near to Te Awamutu, on good metalled road. All grass, well fenced and watered, good house, cowshed, shed and yards, handy to school, post office and factory; terms arranged; full particulars on application; apply early for inspection; price per acre on easy terms; All grass, well fenced and watered, good house, cowshed, shed and yards, handy to school, post office and factory; terms arranged; full particulars on application; apply early for inspection; price per acre on easy terms;
A. C. JOHNSON, Land Agent, Te Kuiti.
1000 ACRES, good sheep and cattle country, all Freehold but about 600 acres. All grass, well fenced and watered, good house, cowshed, shed and yards, handy to school, post office and factory; terms arranged; full particulars on application; apply early for inspection; price per acre on easy terms; All grass, well fenced and watered, good house, cowshed, shed and yards, handy to school, post office and factory; terms arranged; full particulars on application; apply early for inspection; price per acre on easy terms;
WM. MCFARLAND,
Land and Estate Agent, WHAKATANE.
DAIRY FARM, LOWER HUTT.
25 ACRES, rich well suitable market garden or dairy farm. All grass, well fenced and watered, good house, cowshed, shed and yards, handy to school, post office and factory; terms arranged; full particulars on application; apply early for inspection; price per acre on easy terms; All grass, well fenced and watered, good house, cowshed, shed and yards, handy to school, post office and factory; terms arranged; full particulars on application; apply early for inspection; price per acre on easy terms;
HODGKINS, CARVER AND CO.,
187 Lambton Quay.
STOP! LOOK!
BEAT THIS IF YOU CAN. SUNNY WAIKATO BARGAIN.
200 ACRES, all in grass and crop, ploughable. All grass, well fenced and watered, good house, cowshed, shed and yards, handy to school, post office and factory; terms arranged; full particulars on application; apply early for inspection; price per acre on easy terms; All grass, well fenced and watered, good house, cowshed, shed and yards, handy to school, post office and factory; terms arranged; full particulars on application; apply early for inspection; price per acre on easy terms;
J. B. SCOTT,
The Land Agent, Hamilton.
DAIRY FARMS.
199 ACRES, Freehold, all in grass (cocksfoot, rye and white clover). All grass, well fenced and watered, good house, cowshed, shed and yards, handy to school, post office and factory; terms arranged; full particulars on application; apply early for inspection; price per acre on easy terms; All grass, well fenced and watered, good house, cowshed, shed and yards, handy to school, post office and factory; terms arranged; full particulars on application; apply early for inspection; price per acre on easy terms;
KITTO'S LAND AGENCY,
Raetihi.
FOR SALE.
550 ACRES, Freehold, good dairy land. All grass, well fenced and watered, good house, cowshed, shed and yards, handy to school, post office and factory; terms arranged; full particulars on application; apply early for inspection; price per acre on easy terms; All grass, well fenced and watered, good house, cowshed, shed and yards, handy to school, post office and factory; terms arranged; full particulars on application; apply early for inspection; price per acre on easy terms;
CAVELL, ROOTS AND CO.,
Ridgway Street, Wanganui.
550 ACRES, FREEHOLD, and 180 acres Leasehold. All grass, well fenced and watered, good house, cowshed, shed and yards, handy to school, post office and factory; terms arranged; full particulars on application; apply early for inspection; price per acre on easy terms; All grass, well fenced and watered, good house, cowshed, shed and yards, handy to school, post office and factory; terms arranged; full particulars on application; apply early for inspection; price per acre on easy terms;
W. A. EDWARDS AND CO., LTD.,
Napier.
All grass, well fenced and watered, good house, cowshed, shed and yards, handy to school, post office and factory; terms arranged; full particulars on application; apply early for inspection; price per acre on easy terms; All grass, well fenced and watered, good house, cowshed, shed and yards, handy to school, post office and factory; terms arranged; full particulars on application; apply early for inspection; price per acre on easy terms; All grass, well fenced and watered, good house, cowshed, shed and yards, handy to school, post office and factory; terms arranged; full particulars on application; apply early for inspection; price per acre on easy terms; All grass, well fenced and watered, good house, cowshed, shed and yards, handy to school, post office and factory; terms arranged; full particulars on application; apply early for inspection; price per acre on easy terms; All grass, well fenced and watered, good house, cowshed, shed and yards, handy to school, post office and factory; terms arranged; full particulars on application; apply early for inspection; price per acre on easy terms; All grass, well fenced and watered, good house, cowshed, shed and yards, handy to school, post office and factory; terms arranged; full particulars on application; apply early for inspection; price per acre on easy terms; All grass, well fenced and watered, good house, cowshed, shed and yards, handy to school, post office and factory; terms arranged; full particulars on application; apply early for inspection; price per acre on easy terms; All grass, well fenced and watered, good house, cowshed, shed and yards, handy to school, post office and factory; terms arranged; full particulars on application; apply early for inspection; price per acre on easy terms; All grass, well fenced and watered, good house, cowshed, shed and yards, handy to school, post office and factory; terms arranged; full particulars on application; apply early for inspection; price per acre on easy terms; All grass, well fenced and watered, good house, cowshed, shed and yards, handy to school, post office and factory; terms arranged; full particulars on application; apply early for inspection; price per acre on easy terms; All grass, well fenced and watered, good house, cowshed, shed and yards, handy to school, post office and factory; terms arranged; full particulars on application; apply early for inspection; price per acre on easy terms; All grass, well fenced and watered, good house, cowshed, shed and yards, handy to school, post office and factory; terms arranged; full particulars on application; apply early for inspection; price per acre on easy terms; All grass, well fenced and watered, good house, cowshed, shed and yards, handy to school, post office and factory; terms arranged; full particulars on application; apply early for inspection; price per acre on easy terms; All grass, well fenced and watered, good house, cowshed, shed and yards, handy to school, post office and factory; terms arranged; full particulars on application; apply early for inspection; price per acre on easy terms; All grass, well fenced and watered, good house, cowshed, shed and yards, handy to school, post office and factory; terms arranged; full particulars on application; apply early for inspection; price per acre on easy terms; All grass, well fenced and watered, good house, cowshed, shed and yards, handy to school, post office and factory; terms arranged; full particulars on application; apply early for inspection; price per acre on easy terms; All grass, well fenced and watered, good house, cowshed, shed and yards, handy to school, post office and factory; terms arranged; full particulars on application; apply early for inspection; price per acre on easy terms; All grass, well fenced and watered, good house, cowshed, shed and yards, handy to school, post office and factory; terms arranged; full particulars on application; apply early for inspection; price per acre on easy terms; All grass, well fenced and watered, good house, cowshed, shed and yards, handy to school, post office and factory; terms arranged; full particulars on application; apply early for inspection; price per acre on easy terms; All grass, well fenced and watered, good house, cowshed, shed and yards, handy to school, post office and factory; terms arranged; full particulars on application; apply early for inspection; price per acre on easy terms; All grass, well fenced and watered, good house, cowshed, shed and yards, handy to school, post office and factory; terms arranged; full particulars on application; apply early for inspection; price per acre on easy terms; All grass, well fenced and watered, good house, cowshed, shed and yards, handy to school, post office and factory; terms arranged; full particulars on application; apply early for inspection; price per acre on easy terms; All grass, well fenced and watered, good house, cowshed, shed and yards, handy to school, post office and factory; terms arranged; full particulars on application; apply early for inspection; price per acre on easy terms; All grass, well fenced and watered, good house, cowshed, shed and yards, handy to school, post office and factory; terms arranged; full particulars on application; apply early for inspection; price per acre on easy terms; All grass, well fenced and watered, good house, cowshed, shed and yards, handy to school, post office and factory; terms arranged; full particulars on application; apply early for inspection; price per acre on easy terms; All grass, well fenced and watered, good house, cowshed, shed and yards, handy to school, post office and factory; terms arranged; full particulars on application; apply early for inspection; price per acre on easy terms; All grass, well fenced and watered, good house, cowshed, shed and yards, handy to school, post office and factory; terms arranged; full particulars on application; apply early for inspection; price per acre on easy terms; All grass, well fenced and watered, good house, cowshed, shed and yards, handy to school, post office and factory; terms arranged; full particulars on application; apply early for inspection; price per acre on easy terms; All grass, well fenced and watered, good house, cowshed, shed and yards, handy to school, post office and factory; terms arranged; full particulars on application; apply early for inspection; price per acre on easy terms; All grass, well fenced and watered, good house, cowshed, shed and yards, handy to school, post office and factory; terms arranged; full particulars on application; apply early for inspection; price per acre on easy terms; All grass, well fenced and watered, good house, cowshed, shed and yards, handy to school, post office and factory; terms arranged; full particulars on application; apply early for inspection; price per acre on easy terms; All grass, well fenced and watered, good house, cowshed, shed and yards, handy to school, post office and factory; terms arranged; full particulars on application; apply early for inspection; price per acre on easy terms; All grass, well fenced and watered, good house, cowshed, shed and yards, handy to school, post office and factory; terms arranged; full particulars on application; apply early for inspection; price per acre on easy terms; All grass, well fenced and watered, good house, cowshed, shed and yards, handy to school, post office and factory; terms arranged; full particulars on application; apply early for inspection; price per acre on easy terms; All grass, well fenced and watered, good house, cowshed, shed and yards, handy to school, post office and factory; terms arranged; full particulars on application; apply early for inspection; price per acre on easy terms; All grass, well fenced and watered, good house, cowshed, shed and yards, handy to school, post office and factory; terms arranged; full particulars on application; apply early for inspection; price per acre on easy terms; All grass, well fenced and watered, good house, cowshed, shed and yards, handy to school, post office and factory; terms arranged; full particulars on application; apply early for inspection; price per acre on easy terms; All grass, well fenced and watered, good house, cowshed, shed and yards, handy to school, post office and factory; terms arranged; full particulars on application; apply early for inspection; price per acre on easy terms; All grass, well fenced and watered, good house, cowshed, shed and yards, handy to school, post office and factory; terms arranged; full particulars on application; apply early for inspection; price per acre on easy terms; All grass, well fenced and watered, good house, cowshed, shed and yards, handy to school, post office and factory; terms arranged; full particulars on application; apply early for inspection; price per acre on easy terms;
RURAL LAND FOR SALE.
ROULSTON AND STANTON
(T. S. Roulston) (A. E. Stanton)
LICENSED LAND AGENTS, HASTINGS, H.B.
600 ACRES, L.I.P., Hawke's Bay district (near the coast). All grass, well fenced and watered, good house, cowshed, shed and yards, handy to school, post office and factory; terms arranged; full particulars on application; apply early for inspection; price per acre on easy terms; All grass, well fenced and watered, good house, cowshed, shed and yards, handy to school, post office and factory; terms arranged; full particulars on application; apply early for inspection; price per acre on easy terms;
Real Good Proposition.
P.O. Box 307, Hastings.
104 ACRES, all grass, seven paddocks, streams. All grass, well fenced and watered, good house, cowshed, shed and yards, handy to school, post office and factory; terms arranged; full particulars on application; apply early for inspection; price per acre on easy terms; All grass, well fenced and watered, good house, cowshed, shed and yards, handy to school, post office and factory; terms arranged; full particulars on application; apply early for inspection; price per acre on easy terms;
K. C. GUTHRIE,
Land Agent, RAETIHI.
1865 ACRES, O.R.P. and L.I.P., good grazing country on settled road. All grass, well fenced and watered, good house, cowshed, shed and yards, handy to school, post office and factory; terms arranged; full particulars on application; apply early for inspection; price per acre on easy terms; All grass, well fenced and watered, good house, cowshed, shed and yards, handy to school, post office and factory; terms arranged; full particulars on application; apply early for inspection; price per acre on easy terms;
FOLEY AND JAGO,
Stratford.
A CHEAP PROPERTY.
2234 ACRES of first-class limestone and Papa country. All grass, well fenced and watered, good house, cowshed, shed and yards, handy to school, post office and factory; terms arranged; full particulars on application; apply early for inspection; price per acre on easy terms; All grass, well fenced and watered, good house, cowshed, shed and yards, handy to school, post office and factory; terms arranged; full particulars on application; apply early for inspection; price per acre on easy terms;
MATTHEW AND LUSK,
P.O. Box 151, Te Kuiti.
DAIRY FARM.
THE BEST QUALITY PROCURABLE.
80 ACRES, all in grass, permanently watered. All grass, well fenced and watered, good house, cowshed, shed and yards, handy to school, post office and factory; terms arranged; full particulars on application; apply early for inspection; price per acre on easy terms; All grass, well fenced and watered, good house, cowshed, shed and yards, handy to school, post office and factory; terms arranged; full particulars on application; apply early for inspection; price per acre on easy terms;
DALGETY AND CO., LIMITED,
Palmerston North.
JOPLIN, STALLARD, AND CARMICHAEL, LTD.,
155 ACRES, in heart of greatest carrying country. All grass, well fenced and watered, good house, cowshed, shed and yards, handy to school, post office and factory; terms arranged; full particulars on application; apply early for inspection; price per acre on easy terms; All grass, well fenced and watered, good house, cowshed, shed and yards, handy to school, post office and factory; terms arranged; full particulars on application; apply early for inspection; price per acre on easy terms;
E. H. NIND
13 Rangitikei Street, Palmerston North.
SHEEP AND CATTLE FARM.
900 ACRES in grass, except a few acres bush. All grass, well fenced and watered, good house, cowshed, shed and yards, handy to school, post office and factory; terms arranged; full particulars on application; apply early for inspection; price per acre on easy terms; All grass, well fenced and watered, good house, cowshed, shed and yards, handy to school, post office and factory; terms arranged; full particulars on application; apply early for inspection; price per acre on easy terms;
G. W. SELLAR,
Land Agent, Masterton.
A SNIP.
1799 ACRES of excellent sheep country. All grass, well fenced and watered, good house, cowshed, shed and yards, handy to school, post office and factory; terms arranged; full particulars on application; apply early for inspection; price per acre on easy terms; All grass, well fenced and watered, good house, cowshed, shed and yards, handy to school, post office and factory; terms arranged; full particulars on application; apply early for inspection; price per acre on easy terms;
JAMES AND GILLMAN,
Stock, Station, and Land Agents, Hawera.
All grass, well fenced and watered, good house, cowshed, shed and yards, handy to school, post office and factory; terms arranged; full particulars on application; apply early for inspection; price per acre on easy terms; All grass, well fenced and watered, good house, cowshed, shed and yards, handy to school, post office and factory; terms arranged; full particulars on application; apply early for inspection; price per acre on easy terms; All grass, well fenced and watered, good house, cowshed, shed and yards, handy to school, post office and factory; terms arranged; full particulars on application; apply early for inspection; price per acre on easy terms; All grass, well fenced and watered, good house, cowshed, shed and yards, handy to school, post office and factory; terms arranged; full particulars on application; apply early for inspection; price per acre on easy terms; All grass, well fenced and watered, good house, cowshed, shed and yards, handy to school, post office and factory; terms arranged; full particulars on application; apply early for inspection; price per acre on easy terms; All grass, well fenced and watered, good house, cowshed, shed and yards, handy to school, post office and factory; terms arranged; full particulars on application; apply early for inspection; price per acre on easy terms; All grass, well fenced and watered, good house, cowshed, shed and yards, handy to school, post office and factory; terms arranged; full particulars on application; apply early for inspection; price per acre on easy terms; All grass, well fenced and watered, good house, cowshed, shed and yards, handy to school, post office and factory; terms arranged; full particulars on application; apply early for inspection; price per acre on easy terms; All grass, well fenced and watered, good house, cowshed, shed and yards, handy to school, post office and factory; terms arranged; full particulars on application; apply early for inspection; price per acre on easy terms; All grass, well fenced and watered, good house, cowshed, shed and yards, handy to school, post office and factory; terms arranged; full particulars on application; apply early for inspection; price per acre on easy terms; All grass, well fenced and watered, good house, cowshed, shed and yards, handy to school, post office and factory; terms arranged; full particulars on application; apply early for inspection; price per acre on easy terms; All grass, well fenced and watered, good house, cowshed, shed and yards, handy to school, post office and factory; terms arranged; full particulars on application; apply early for inspection; price per acre on easy terms; All grass, well fenced and watered, good house, cowshed, shed and yards, handy to school, post office and factory; terms arranged; full particulars on application; apply early for inspection; price per acre on easy terms; All grass, well fenced and watered, good house, cowshed, shed and yards, handy to school, post office and factory; terms arranged; full particulars on application; apply early for inspection; price per acre on easy terms; All grass, well fenced and watered, good house, cowshed, shed and yards, handy to school, post office and factory; terms arranged; full particulars on application; apply early for inspection; price per acre on easy terms; All grass, well fenced and watered, good house, cowshed, shed and yards, handy to school, post office and factory; terms arranged; full particulars on application; apply early for inspection; price per acre on easy terms; All grass, well fenced and watered, good house, cowshed, shed and yards, handy to school, post office and factory; terms arranged; full particulars on application; apply early for inspection; price per acre on easy terms; All grass, well fenced and watered, good house, cowshed, shed and yards, handy to school, post office and factory; terms arranged; full particulars on application; apply early for inspection; price per acre on easy terms; All grass, well fenced and watered, good house, cowshed, shed and yards, handy to school, post office and factory; terms arranged; full particulars on application; apply early for inspection; price per acre on easy terms; All grass, well fenced and watered, good house, cowshed, shed and yards, handy to school, post office and factory; terms arranged; full particulars on application; apply early for inspection; price per acre on easy terms; All grass, well fenced and watered, good house, cowshed, shed and yards, handy to school, post office and factory; terms arranged; full particulars on application; apply early for inspection; price per acre on easy terms; All grass, well fenced and watered, good house, cowshed, shed and yards, handy to school, post office and factory; terms arranged; full particulars on application; apply early for inspection; price per acre on easy terms; All grass, well fenced and watered, good house, cowshed, shed and yards, handy to school, post office and factory; terms arranged; full particulars on application; apply early for inspection; price per acre on easy terms; All grass, well fenced and watered, good house, cowshed, shed and yards, handy to school, post office and factory; terms arranged; full particulars on application; apply early for inspection; price per acre on easy terms; All grass, well fenced and watered, good house, cowshed, shed and yards, handy to school, post office and factory; terms arranged; full particulars on application; apply early for inspection; price per acre on easy terms; All grass, well fenced and watered, good house, cowshed, shed and yards, handy to school, post office and factory; terms arranged; full particulars on application; apply early for inspection; price per acre on easy terms; All grass, well fenced and watered, good house, cowshed, shed and yards, handy to school, post office and factory; terms arranged; full particulars on application; apply early for inspection; price per acre on easy terms; All grass, well fenced and watered, good house, cowshed, shed and yards, handy to school, post office and factory; terms arranged; full particulars on application; apply early for inspection; price per acre on easy terms; All grass, well fenced and watered, good house, cowshed, shed and yards, handy to school, post office and factory; terms arranged; full particulars on application; apply early for inspection; price per acre on easy terms; All grass, well fenced and watered, good house, cowshed, shed and yards, handy to school, post office and factory; terms arranged; full particulars on application; apply early for inspection; price per acre on easy terms; All grass, well fenced and watered, good house, cowshed, shed and yards, handy to school, post office and factory; terms arranged; full particulars on application; apply early for inspection; price per acre on easy terms; All grass, well fenced and watered, good house, cowshed, shed and yards, handy to school, post office and factory; terms arranged; full particulars on application; apply early for inspection; price per acre on easy terms; All grass, well fenced and watered, good house, cowshed, shed and yards, handy to school, post office and factory; terms arranged; full particulars on application; apply early for inspection; price per acre on easy terms; All grass, well fenced and watered, good house, cowshed, shed and yards, handy to school, post office and factory; terms arranged; full particulars on application; apply early for inspection; price per acre on easy terms; All grass, well fenced and watered, good house, cowshed, shed and yards, handy to school, post office and factory; terms arranged; full particulars on application; apply early for inspection; price per acre on easy terms; All grass, well fenced and watered, good house, cowshed, shed and yards, handy to school, post office and factory; terms arranged; full particulars on application; apply early for inspection; price per acre on easy terms; All grass, well fenced and watered, good house, cowshed, shed and yards, handy to school, post office and factory; terms arranged; full particulars on application; apply early for inspection; price per acre on easy terms; All grass, well fenced and watered, good house, cowshed, shed and yards, handy to school, post office and factory; terms arranged; full particulars on application; apply early for inspection; price per acre on easy terms; All grass, well fenced and watered, good house, cowshed, shed and yards, handy to school, post office and factory; terms arranged; full particulars on application; apply early for inspection; price per acre on easy terms; All grass, well fenced and watered, good house, cowshed, shed and yards, handy to school, post office and factory; terms arranged; full particulars on application; apply early for inspection; price per acre on easy terms;
RURAL LAND FOR SALE.
A GOOD DAIRY FARM AT A REASONABLE PRICE.
200 ACRES, well grassed and watered, all well subdivided. All grass, well fenced and watered, good house, cowshed, shed and yards, handy to school, post office and factory; terms arranged; full particulars on application; apply early for inspection; price per acre on easy terms; All grass, well fenced and watered, good house, cowshed, shed and yards, handy to school, post office and factory; terms arranged; full particulars on application; apply early for inspection; price per acre on easy terms;
FAITH'S FARM AGENCY,
(Supply Stores), TE HORO.
A GREAT MIXED FARM AT £12 PER ACRE.
ONE HOUR FROM WELLINGTON.
1186 ACRES, FREEHOLD, about 400 acres FLATS AND SWAMP FLATS. All grass, well fenced and watered, good house, cowshed, shed and yards, handy to school, post office and factory; terms arranged; full particulars on application; apply early for inspection; price per acre on easy terms; All grass, well fenced and watered, good house, cowshed, shed and yards, handy to school, post office and factory; terms arranged; full particulars on application; apply early for inspection; price per acre on easy terms;
J. GRIMSHAW,
Bowen Street, Opp. Government Buildings, WELLINGTON.
SOME CHEAP PLACES.
3300 ACRES, estimated to carry 14 sheep, double fence. All grass, well fenced and watered, good house, cowshed, shed and yards, handy to school, post office and factory; terms arranged; full particulars on application; apply early for inspection; price per acre on easy terms; All grass, well fenced and watered, good house, cowshed, shed and yards, handy to school, post office and factory; terms arranged; full particulars on application; apply early for inspection; price per acre on easy terms;
STANLEY E. READ,
Real Estate Agent and Auctioneer, Ridgway Street, Wanganui.
1000 ACRES, of Hawke's Bay sheep and cattle country. All grass, well fenced and watered, good house, cowshed, shed and yards, handy to school, post office and factory; terms arranged; full particulars on application; apply early for inspection; price per acre on easy terms; All grass, well fenced and watered, good house, cowshed, shed and yards, handy to school, post office and factory; terms arranged; full particulars on application; apply early for inspection; price per acre on easy terms;
A. J. C. RUNCIMAN,
Dannevirke.
950 ACRES, splendid fattening or dairying country. All grass, well fenced and watered, good house, cowshed, shed and yards, handy to school, post office and factory; terms arranged; full particulars on application; apply early for inspection; price per acre on easy terms; All grass, well fenced and watered, good house, cowshed, shed and yards, handy to school, post office and factory; terms arranged; full particulars on application; apply early for inspection; price per acre on easy terms;
HICKS AND BULL, LTD.,
Farm Traders, WANGANUI.
DAIRY FARM.
12 ACRES, FREEHOLD, all grass except 2 acres in oats. All grass, well fenced and watered, good house, cowshed, shed and yards, handy to school, post office and factory; terms arranged; full particulars on application; apply early for inspection; price per acre on easy terms; All grass, well fenced and watered, good house, cowshed, shed and yards, handy to school, post office and factory; terms arranged; full particulars on application; apply early for inspection; price per acre on easy terms;
E. E. BOTT,
Land Agent, Wanganui.
HAWKE'S BAY SHEEP COUNTRY.
READ THIS.
500 ACRES, Freehold, all been burnt and well grassed. All grass, well fenced and watered, good house, cowshed, shed and yards, handy to school, post office and factory; terms arranged; full particulars on application; apply early for inspection; price per acre on easy terms; All grass, well fenced and watered, good house, cowshed, shed and yards, handy to school, post office and factory; terms arranged; full particulars on application; apply early for inspection; price per acre on easy terms;
HUNTER AND CLARK THOMSON,
Land, Estate, and Exchange Agents, Napier.
All grass, well fenced and watered, good house, cowshed, shed and yards, handy to school, post office and factory; terms arranged; full particulars on application; apply early for inspection; price per acre on easy terms; All grass, well fenced and watered, good house, cowshed, shed and yards, handy to school, post office and factory; terms arranged; full particulars on application; apply early for inspection; price per acre on easy terms; All grass, well fenced and watered, good house, cowshed, shed and yards, handy to school, post office and factory; terms arranged; full particulars on application; apply early for inspection; price per acre on easy terms; All grass, well fenced and watered, good house, cowshed, shed and yards, handy to school, post office and factory; terms arranged; full particulars on application; apply early for inspection; price per acre on easy terms; All grass, well fenced and watered, good house, cowshed, shed and yards, handy to school, post office and factory; terms arranged; full particulars on application; apply early for inspection; price per acre on easy terms; All grass, well fenced and watered, good house, cowshed, shed and yards, handy to school, post office and factory; terms arranged; full particulars on application; apply early for inspection; price per acre on easy terms; All grass, well fenced and watered, good house, cowshed, shed and yards, handy to school, post office and factory; terms arranged; full particulars on application; apply early for inspection; price per acre on easy terms; All grass, well fenced and watered, good house, cowshed, shed and yards, handy to school, post office and factory; terms arranged; full particulars on application; apply early for inspection; price per acre on easy terms; All grass, well fenced and watered, good house, cowshed, shed and yards, handy to school, post office and factory; terms arranged; full particulars on application; apply early for inspection; price per acre on easy terms; All grass, well fenced and watered, good house, cowshed, shed and yards, handy to school, post office and factory; terms arranged; full particulars on application; apply early for inspection; price per acre on easy terms; All grass, well fenced and watered, good house, cowshed, shed and yards, handy to school, post office and factory; terms arranged; full particulars on application; apply early for inspection; price per acre on easy terms; All grass, well fenced and watered, good house, cowshed, shed and yards, handy to school, post office and factory; terms arranged; full particulars on application; apply early for inspection; price per acre on easy terms; All grass, well fenced and watered, good house, cowshed, shed and yards, handy to school, post office and factory; terms arranged; full particulars on application; apply early for inspection; price per acre on easy terms; All grass, well fenced and watered, good house, cowshed, shed and yards, handy to school, post office and factory; terms arranged; full particulars on application; apply early for inspection; price per acre on easy terms; All grass, well fenced and watered, good house, cowshed, shed and yards, handy to school, post office and factory; terms arranged; full particulars on application; apply early for inspection; price per acre on easy terms; All grass, well fenced and watered, good house, cowshed, shed and yards, handy to school, post office and factory; terms arranged; full particulars on application; apply early for inspection; price per acre on easy terms; All grass, well fenced and watered, good house, cowshed, shed and yards, handy to school, post office and factory; terms arranged; full particulars on application; apply early for inspection; price per acre on easy terms; All grass, well fenced and watered, good house, cowshed, shed and yards, handy to school, post office and factory; terms arranged; full particulars on application; apply early for inspection; price per acre on easy terms; All grass, well fenced and watered, good house, cowshed, shed and yards, handy to school, post office and factory; terms arranged; full particulars on application; apply early for inspection; price per acre on easy terms; All grass, well fenced and watered, good house, cowshed, shed and yards, handy to school, post office and factory; terms arranged; full particulars on application; apply early for inspection; price per acre on easy terms; All grass, well fenced and watered, good house, cowshed, shed and yards, handy to school, post office and factory; terms arranged; full particulars on application; apply early for inspection; price per acre on easy terms; All grass, well fenced and watered, good house, cowshed, shed and yards, handy to school, post office and factory; terms arranged; full particulars on application; apply early for inspection; price per acre on easy terms; All grass, well fenced and watered, good house, cowshed, shed and yards, handy to school, post office and factory; terms arranged; full particulars on application; apply early for inspection; price per acre on easy terms; All grass, well fenced and watered, good house, cowshed, shed and yards, handy to school, post office and factory; terms arranged; full particulars on application; apply early for inspection; price per acre on easy terms; All grass, well fenced and watered, good house, cowshed, shed and yards, handy to school, post office and factory; terms arranged; full particulars on application; apply early for inspection; price per acre on easy terms; All grass, well fenced and watered, good house, cowshed, shed and yards, handy to school, post office and factory; terms arranged; full particulars on application; apply early for inspection; price per acre on easy terms; All grass, well fenced and watered, good house, cowshed, shed and yards, handy to school, post office and factory; terms arranged; full particulars on application; apply early for inspection; price per acre on easy terms; All grass, well fenced and watered, good house, cowshed, shed and yards, handy to school, post office and factory; terms arranged; full particulars on application; apply early for inspection; price per acre on easy terms; All grass, well fenced and watered, good house, cowshed, shed and yards, handy to school, post office and factory; terms arranged; full particulars on application; apply early for inspection; price per acre on easy terms; All grass, well fenced and watered, good house, cowshed, shed and yards, handy to school, post office and factory; terms arranged; full particulars on application; apply early for inspection; price per acre on easy terms; All grass, well fenced and watered, good house, cowshed, shed and yards, handy to school, post office and factory; terms arranged; full particulars on application; apply early for inspection; price per acre on easy terms; All grass, well fenced and watered, good house, cowshed, shed and yards, handy to school, post office and factory; terms arranged; full particulars on application; apply early for inspection; price per acre on easy terms; All grass, well fenced and watered, good house, cowshed, shed and yards, handy to school, post office and factory; terms arranged; full particulars on application; apply early for inspection; price per acre on easy terms; All grass, well fenced and watered, good house, cowshed, shed and yards, handy to school, post office and factory; terms arranged; full particulars on application; apply early for inspection; price per acre on easy terms; All grass, well fenced and watered, good house, cowshed, shed and yards, handy to school, post office and factory; terms arranged; full particulars on application; apply early for inspection; price per acre on easy terms; All grass, well fenced and watered, good house, cowshed, shed and yards, handy to school, post office and factory; terms arranged; full particulars on application; apply early for inspection; price per acre on easy terms; All grass, well fenced and watered, good house, cowshed, shed and yards, handy to school, post office and factory; terms arranged; full particulars on application; apply early for inspection; price per acre on easy terms; All grass, well fenced and watered, good house, cowshed, shed and yards, handy to school, post office and factory; terms arranged; full particulars on application; apply early for inspection; price per acre on easy terms; All grass, well fenced and watered, good house, cowshed, shed and yards, handy to school, post office and factory; terms arranged; full particulars on application; apply early for inspection; price per acre on easy terms; All grass, well fenced and watered, good house, cowshed, shed and yards, handy to school, post office and factory; terms arranged; full particulars on application; apply early for inspection; price per acre on easy terms;
RURAL LAND FOR SALE.
£180.
£1000.
£1000. All grass, well fenced and watered, good house, cowshed, shed and yards, handy to school, post office and factory; terms arranged; full particulars on application; apply early for inspection; price per acre on easy terms; All grass, well fenced and watered, good house, cowshed, shed and yards, handy to school, post office and factory; terms arranged; full particulars on application; apply early for inspection; price per acre on easy terms;
All grass, well fenced and watered, good house, cowshed, shed and yards, handy to school, post office and factory; terms arranged; full particulars on application; apply early for inspection; price per acre on easy terms; All grass, well fenced and watered, good house, cowshed, shed and yards, handy to school, post office and factory; terms arranged; full particulars on application; apply early for inspection; price per acre on easy terms;
All grass, well fenced and watered, good house, cowshed, shed and yards, handy to school, post office and factory; terms arranged; full particulars on application; apply early for inspection; price per acre on easy terms; All grass, well fenced and watered, good house, cowshed, shed and yards, handy to school, post office and factory; terms arranged; full particulars on application; apply early for inspection; price per acre on easy terms; All grass, well fenced and watered, good house, cowshed, shed and yards, handy to school, post office and factory; terms arranged; full particulars on application; apply early for inspection; price per acre on easy terms; All grass, well fenced and watered, good house, cowshed, shed and yards, handy to school, post office and factory; terms arranged; full particulars on application; apply early for inspection; price per acre on easy terms; All grass, well fenced and watered, good house, cowshed, shed and yards, handy to school, post office and factory; terms arranged; full particulars on application; apply early for inspection; price per acre on easy terms; All grass, well fenced and watered, good house, cowshed, shed and yards, handy to school, post office and factory; terms arranged; full particulars on application; apply early for inspection; price per acre on easy terms; All grass, well fenced and watered, good house, cowshed, shed and yards, handy to school, post office and factory; terms arranged; full particulars on application; apply early for inspection; price per acre on easy terms; All grass, well fenced and watered, good house, cowshed, shed and yards, handy to school, post office and factory; terms arranged; full particulars on application; apply early for inspection; price per acre on easy terms; All grass, well fenced and watered, good house, cowshed, shed and yards, handy to school, post office and factory; terms arranged; full particulars on application; apply early for inspection; price per acre on easy terms; All grass, well fenced and watered, good house, cowshed, shed and yards, handy to school, post office and factory; terms arranged; full particulars on application; apply early for inspection; price per acre on easy terms; All grass, well fenced and watered, good house, cowshed, shed and yards, handy to school, post office and factory; terms arranged; full particulars on application; apply early for inspection; price per acre on easy terms; All grass, well fenced and watered, good house, cowshed, shed and yards, handy to school, post office and factory; terms arranged; full particulars on application; apply early for inspection; price per acre on easy terms; All grass, well fenced and watered, good house, cowshed, shed and yards, handy to school, post office and factory; terms arranged; full particulars on application; apply early for inspection; price per acre on easy terms; All grass, well fenced and watered, good house, cowshed, shed and yards, handy to school, post office and factory; terms arranged; full particulars on application; apply early for inspection; price per acre on easy terms; All grass, well fenced and watered, good house, cowshed, shed and yards, handy to school, post office and factory; terms arranged; full particulars on application; apply early for inspection; price per acre on easy terms; All grass, well fenced and watered, good house, cowshed, shed and yards, handy to school, post office and factory; terms arranged; full particulars on application; apply early for inspection; price per acre on easy terms; All grass, well fenced and watered, good house, cowshed, shed and yards, handy to school, post office and factory; terms arranged; full particulars on application; apply early for inspection; price per acre on easy terms; All grass, well fenced and watered, good house, cowshed, shed and yards, handy to school, post office and factory; terms arranged; full particulars on application; apply early for inspection; price per acre on easy terms; All grass, well fenced and watered, good house, cowshed, shed and yards, handy to school, post office and factory; terms arranged; full particulars on application; apply early for inspection; price per acre on easy terms; All grass, well fenced and watered, good house, cowshed, shed and yards, handy to school, post office and factory; terms arranged; full particulars on application; apply early for inspection; price per acre on easy terms; All grass, well fenced and watered, good house, cowshed, shed and yards, handy to school, post office and factory; terms arranged; full particulars on application; apply early for inspection; price per acre on easy terms; All grass, well fenced and watered, good house, cowshed, shed and yards, handy to school, post office and factory; terms arranged; full particulars on application; apply early for inspection; price per acre on easy terms; All grass, well fenced and watered, good house, cowshed, shed and yards, handy to school, post office and factory; terms arranged; full particulars on application; apply early for inspection; price per acre on easy terms; All grass, well fenced and watered, good house, cowshed, shed and yards, handy to school, post office and factory; terms arranged; full particulars on application; apply early for inspection; price per acre on easy terms; All grass, well fenced and watered, good house, cowshed, shed and yards, handy to school, post office and factory; terms arranged; full particulars on application; apply early for inspection; price per acre on easy terms; All grass, well fenced and watered, good house, cowshed, shed and yards, handy to school, post office and factory; terms arranged; full particulars on application; apply early for inspection; price per acre on easy terms; All grass, well fenced and watered, good house, cowshed, shed and yards, handy to school, post office and factory; terms arranged; full particulars on application; apply early for inspection; price per acre on easy terms; All grass, well fenced and watered, good house, cowshed, shed and yards, handy to school, post office and factory; terms arranged; full particulars on application; apply early for inspection; price per acre on easy terms; All grass, well fenced and watered, good house, cowshed, shed and yards, handy to school, post office and factory; terms arranged; full particulars on application; apply early for inspection; price per acre on easy terms; All grass, well fenced and watered, good house, cowshed, shed and yards, handy to school, post office and factory; terms arranged; full particulars on application; apply early for inspection; price per acre on easy terms; All grass, well fenced and watered, good house, cowshed, shed and yards, handy to school, post office and factory; terms arranged; full particulars on application; apply early for inspection; price per acre on easy terms; All grass, well fenced and watered, good house, cowshed, shed and yards, handy to school, post office and factory; terms arranged; full particulars on application; apply early for inspection; price per acre on easy terms; All grass, well fenced and watered, good house, cowshed, shed and yards, handy to school, post office and factory; terms arranged; full particulars on application; apply early for inspection; price per acre on easy terms; All grass, well fenced and watered, good house, cowshed, shed and yards, handy to school, post office and factory; terms arranged; full particulars on application; apply early for inspection; price per acre on easy terms; All grass, well fenced and watered, good house, cowshed, shed and yards, handy to school, post office and factory; terms arranged; full particulars on application; apply early for inspection; price per acre on easy terms; All grass, well fenced and watered, good house, cowshed, shed and yards, handy to school, post office and factory; terms arranged; full particulars on application; apply early for inspection; price per acre on easy terms; All grass, well fenced and watered, good house, cowshed, shed and yards, handy to school, post office and factory; terms arranged; full particulars on application; apply early for inspection; price per acre on easy terms; All grass, well fenced and watered, good house, cowshed, shed and yards, handy to school, post office and factory; terms arranged; full particulars on application; apply early for inspection; price per acre on easy terms; All grass, well fenced and watered, good house, cowshed, shed and yards, handy to school, post office and factory; terms arranged; full particulars on application; apply early for inspection; price per acre on easy terms; All grass, well fenced and watered, good house, cowshed, shed and yards, handy to school, post office and factory; terms arranged; full particulars on application; apply early for inspection; price per acre on easy terms;
RURAL LAND FOR SALE.
TAURANGA DISTRICT.
1304 ACRES FREEHOLD.
5 MILES by good road from Tauranga's undulating, open country. All grass, well fenced and watered, good house, cowshed, shed and yards, handy to school, post office and factory; terms arranged; full particulars on application; apply early for inspection; price per acre on easy terms; All grass, well fenced and watered, good house, cowshed, shed and yards, handy to school, post office and factory; terms arranged; full particulars on application; apply early for inspection; price per acre on easy terms;
FRANK L. ASHBOLT AND CO.,
Land Agents, King's Chambers, WELLINGTON.
WALK IN—WALK OUT.
330 ACRES, Freehold, easy rolling country, good 8-roomed house. All grass, well fenced and watered, good house, cowshed, shed and yards, handy to school, post office and factory; terms arranged; full particulars on application; apply early for inspection; price per acre on easy terms; All grass, well fenced and watered, good house, cowshed, shed and yards, handy to school, post office and factory; terms arranged; full particulars on application; apply early for inspection; price per acre on easy terms;
A. L. HUNTER AND CO.,
Land and General Commission Agents, King Street, New Plymouth.
SOMETHING SOUND.
332 ACRES, with 10-roomed house, furnished, all modern conveniences. All grass, well fenced and watered, good house, cowshed, shed and yards, handy to school, post office and factory; terms arranged; full particulars on application; apply early for inspection; price per acre on easy terms; All grass, well fenced and watered, good house, cowshed, shed and yards, handy to school, post office and factory; terms arranged; full particulars on application; apply early for inspection; price per acre on easy terms;
R. A. NOLAN AND CO.,
Devon Street, New Plymouth.
180 ACRES of Freehold Land, situated within two miles of railway station. All grass, well fenced and watered, good house, cowshed, shed and yards, handy to school, post office and factory; terms arranged; full particulars on application; apply early for inspection; price per acre on easy terms; All grass, well fenced and watered, good house, cowshed, shed and yards, handy to school, post office and factory; terms arranged; full particulars on application; apply early for inspection; price per acre on easy terms;
CAMPBELL, JACKSON AND ROBT. WOOD,
Broadway, Stratford.
LAND AND PROPERTY BUREAU,
WELLINGTON.
160 ACRES, New Plymouth, in grass. All grass, well fenced and watered, good house, cowshed, shed and yards, handy to school, post office and factory; terms arranged; full particulars on application; apply early for inspection; price per acre on easy terms; All grass, well fenced and watered, good house, cowshed, shed and yards, handy to school, post office and factory; terms arranged; full particulars on application; apply early for inspection; price per acre on easy terms;
WELLINGTON RETURNED SOLDIERS' ASSOCIATION.
GOOD FRESH WINTER FEED.
200 ACRES, good grass land; has been wintered and subdivided. All grass, well fenced and watered, good house, cowshed, shed and yards, handy to school, post office and factory; terms arranged; full particulars on application; apply early for inspection; price per acre on easy terms; All grass, well fenced and watered, good house, cowshed, shed and yards, handy to school, post office and factory; terms arranged; full particulars on application; apply early for inspection; price per acre on easy terms;
J. B. WILSON AND CO.,
Agents, Palmerston North.
263 ACRES, all in grass, rolling country with about halfploughable. All grass, well fenced and watered, good house, cowshed, shed and yards, handy to school, post office and factory; terms arranged; full particulars on application; apply early for inspection; price per acre on easy terms; All grass, well fenced and watered, good house, cowshed, shed and yards, handy to school, post office and factory; terms arranged; full particulars on application; apply early for inspection; price per acre on easy terms;
McCLUGGAGE AND CO.,
Stratford.
All grass, well fenced and watered, good house, cowshed, shed and yards, handy to school, post office and factory; terms arranged; full particulars on application; apply early for inspection; price per acre on easy terms; All grass, well fenced and watered, good house, cowshed, shed and yards, handy to school, post office and factory; terms arranged; full particulars on application; apply early for inspection; price per acre on easy terms; All grass, well fenced and watered, good house, cowshed, shed and yards, handy to school, post office and factory; terms arranged; full particulars on application; apply early for inspection; price per acre on easy terms; All grass, well fenced and watered, good house, cowshed, shed and yards, handy to school, post office and factory; terms arranged; full particulars on application; apply early for inspection; price per acre on easy terms; All grass, well fenced and watered, good house, cowshed, shed and yards, handy to school, post office and factory; terms arranged; full particulars on application; apply early for inspection; price per acre on easy terms; All grass, well fenced and watered, good house, cowshed, shed and yards, handy to school, post office and factory; terms arranged; full particulars on application; apply early for inspection; price per acre on easy terms; All grass, well fenced and watered, good house, cowshed, shed and yards, handy to school, post office and factory; terms arranged; full particulars on application; apply early for inspection; price per acre on easy terms; All grass, well fenced and watered, good house, cowshed, shed and yards, handy to school, post office and factory; terms arranged; full particulars on application; apply early for inspection; price per acre on easy terms; All grass, well fenced and watered, good house, cowshed, shed and yards, handy to school, post office and factory; terms arranged; full particulars on application; apply early for inspection; price per acre on easy terms; All grass, well fenced and watered, good house, cowshed, shed and yards, handy to school, post office and factory; terms arranged; full particulars on application; apply early for inspection; price per acre on easy terms; All grass, well fenced and watered, good house, cowshed, shed and yards, handy to school, post office and factory; terms arranged; full particulars on application; apply early for inspection; price per acre on easy terms; All grass, well fenced and watered, good house, cowshed, shed and yards, handy to school, post office and factory; terms arranged; full particulars on application; apply early for inspection; price per acre on easy terms; All grass, well fenced and watered, good house, cowshed, shed and yards, handy to school, post office and factory; terms arranged; full particulars on application; apply early for inspection; price per acre on easy terms; All grass, well fenced and watered, good house, cowshed, shed and yards, handy to school, post office and factory; terms arranged; full particulars on application; apply early for inspection; price per acre on easy terms; All grass, well fenced and watered, good house, cowshed, shed and yards, handy to school, post office and factory; terms arranged; full particulars on application; apply early for inspection; price per acre on easy terms; All grass, well fenced and watered, good house, cowshed, shed and yards, handy to school, post office and factory; terms arranged; full particulars on application; apply early for inspection; price per acre on easy terms; All grass, well fenced and watered, good house, cowshed, shed and yards, handy to school, post office and factory; terms arranged; full particulars on application; apply early for inspection; price per acre on easy terms; All grass, well fenced and watered, good house, cowshed, shed and yards, handy to school, post office and factory; terms arranged; full particulars on application; apply early for inspection; price per acre on easy terms; All grass, well fenced and watered, good house, cowshed, shed and yards, handy to school, post office and factory; terms arranged; full particulars on application; apply early for inspection; price per acre on easy terms; All grass, well fenced and watered, good house, cowshed, shed and yards, handy to school, post office and factory; terms arranged; full particulars on application; apply early for inspection; price per acre on easy terms; All grass, well fenced and watered, good house, cowshed, shed and yards, handy to school, post office and factory; terms arranged; full particulars on application; apply early for inspection; price per acre on easy terms; All grass, well fenced and watered, good house, cowshed, shed and yards, handy to school, post office and factory; terms arranged; full particulars on application; apply early for inspection; price per acre on easy terms; All grass, well fenced and watered, good house, cowshed, shed and yards, handy to school, post office and factory; terms arranged; full particulars on application; apply early for inspection; price per acre on easy terms; All grass, well fenced and watered, good house, cowshed, shed and yards, handy to school, post office and factory; terms arranged; full particulars on application; apply early for inspection; price per acre on easy terms; All grass, well fenced and watered, good house, cowshed, shed and yards, handy to school, post office and factory; terms arranged; full particulars on application; apply early for inspection; price per acre on easy terms; All grass, well fenced and watered, good house, cowshed, shed and yards, handy to school, post office and factory; terms arranged; full particulars on application; apply early for inspection; price per acre on easy terms; All grass, well fenced and watered, good house, cowshed, shed and yards, handy to school, post office and factory; terms arranged; full particulars on application; apply early for inspection; price per acre on easy terms; All grass, well fenced and watered, good house, cowshed, shed and yards, handy to school, post office and factory; terms arranged; full particulars on application; apply early for inspection; price per acre on easy terms; All grass, well fenced and watered, good house, cowshed, shed and yards, handy to school, post office and factory; terms arranged; full particulars on application; apply early for inspection; price per acre on easy terms; All grass, well fenced and watered, good house, cowshed, shed and yards, handy to school, post office and factory; terms arranged; full particulars on application; apply early for inspection; price per acre on easy terms; All grass, well fenced and watered, good house, cowshed, shed and yards, handy to school, post office and factory; terms arranged; full particulars on application; apply early for inspection; price per acre on easy terms; All grass, well fenced and watered, good house, cowshed, shed and yards, handy to school, post office and factory; terms arranged; full particulars on application; apply early for inspection; price per acre on easy terms; All grass, well fenced and watered, good house, cowshed, shed and yards, handy to school, post office and factory; terms arranged; full particulars on application; apply early for inspection; price per acre on easy terms; All grass, well fenced and watered, good house, cowshed, shed and yards, handy to school, post office and factory; terms arranged; full particulars on application; apply early for inspection; price per acre on easy terms; All grass, well fenced and watered, good house, cowshed, shed and yards, handy to school, post office and factory; terms arranged; full particulars on application; apply early for inspection; price per acre on easy terms; All grass, well fenced and watered, good house, cowshed, shed and yards, handy to school, post office and factory; terms arranged; full particulars on application; apply early for inspection; price per acre on easy terms; All grass, well fenced and watered, good house, cowshed, shed and yards, handy to school, post office and factory; terms arranged; full particulars on application; apply early for inspection; price per acre on easy terms; All grass, well fenced and watered, good house, cowshed, shed and yards, handy to school, post office and factory; terms arranged; full particulars on application; apply early for inspection; price per acre on easy terms; All grass, well fenced and watered, good house, cowshed, shed and yards, handy to school, post office and factory; terms arranged; full particulars on application; apply early for inspection; price per acre on easy terms; All grass, well fenced and watered, good house, cowshed, shed and yards, handy to school, post office and factory; terms arranged; full particulars on application; apply early for inspection; price per acre on easy terms;
